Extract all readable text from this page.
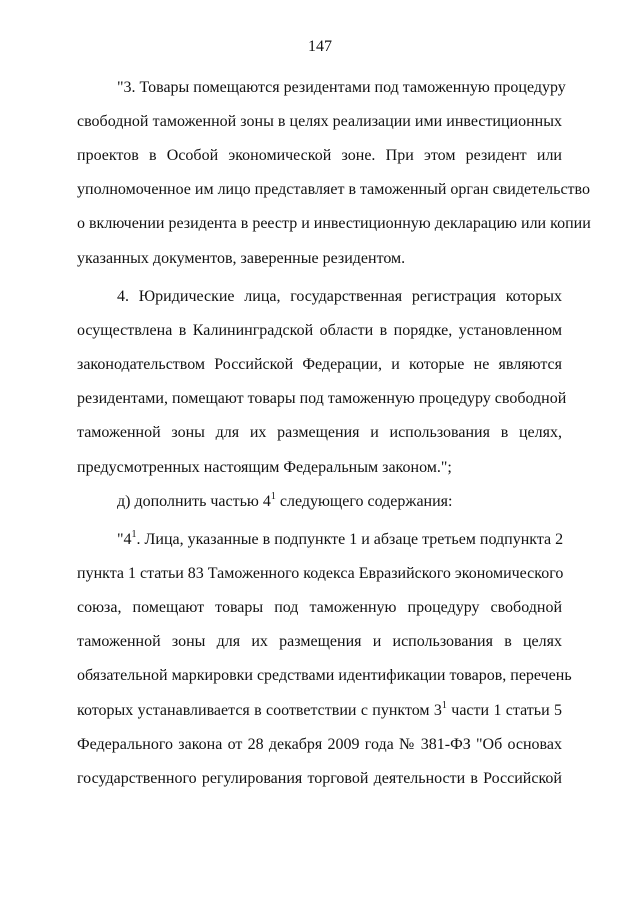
147
"3. Товары помещаются резидентами под таможенную процедуру
свободной таможенной зоны в целях реализации ими инвестиционных
проектов в Особой экономической зоне. При этом резидент или
уполномоченное им лицо представляет в таможенный орган свидетельство
о включении резидента в реестр и инвестиционную декларацию или копии
указанных документов, заверенные резидентом.
4. Юридические лица, государственная регистрация которых
осуществлена в Калининградской области в порядке, установленном
законодательством Российской Федерации, и которые не являются
резидентами, помещают товары под таможенную процедуру свободной
таможенной зоны для их размещения и использования в целях,
предусмотренных настоящим Федеральным законом.";
д) дополнить частью $4^1$ следующего содержания:
"$4^1$. Лица, указанные в подпункте 1 и абзаце третьем подпункта 2
пункта 1 статьи 83 Таможенного кодекса Евразийского экономического
союза, помещают товары под таможенную процедуру свободной
таможенной зоны для их размещения и использования в целях
обязательной маркировки средствами идентификации товаров, перечень
которых устанавливается в соответствии с пунктом $3^1$ части 1 статьи 5
Федерального закона от 28 декабря 2009 года № 381-ФЗ "Об основах
государственного регулирования торговой деятельности в Российской
